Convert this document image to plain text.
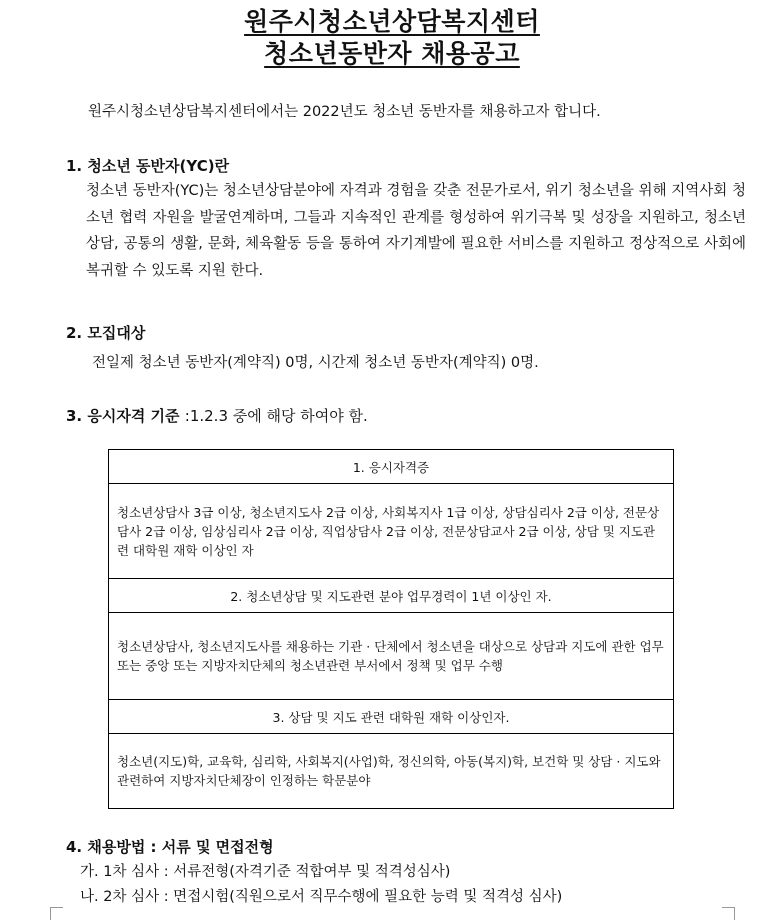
원주시청소년상담복지센터
청소년동반자 채용공고
원주시청소년상담복지센터에서는 2022년도 청소년 동반자를 채용하고자 합니다.
1. 청소년 동반자(YC)란
청소년 동반자(YC)는 청소년상담분야에 자격과 경험을 갖춘 전문가로서, 위기 청소년을 위해 지역사회 청소년 협력 자원을 발굴연계하며, 그들과 지속적인 관계를 형성하여 위기극복 및 성장을 지원하고, 청소년상담, 공통의 생활, 문화, 체육활동 등을 통하여 자기계발에 필요한 서비스를 지원하고 정상적으로 사회에 복귀할 수 있도록 지원 한다.
2. 모집대상
전일제 청소년 동반자(계약직) 0명, 시간제 청소년 동반자(계약직) 0명.
3. 응시자격 기준 :1.2.3 중에 해당 하여야 함.
1. 응시자격증
청소년상담사 3급 이상, 청소년지도사 2급 이상, 사회복지사 1급 이상, 상담심리사 2급 이상, 전문상담사 2급 이상, 임상심리사 2급 이상, 직업상담사 2급 이상, 전문상담교사 2급 이상, 상담 및 지도관련 대학원 재학 이상인 자
2. 청소년상담 및 지도관련 분야 업무경력이 1년 이상인 자.
청소년상담사, 청소년지도사를 채용하는 기관 · 단체에서 청소년을 대상으로 상담과 지도에 관한 업무 또는 중앙 또는 지방자치단체의 청소년관련 부서에서 정책 및 업무 수행
3. 상담 및 지도 관련 대학원 재학 이상인자.
청소년(지도)학, 교육학, 심리학, 사회복지(사업)학, 정신의학, 아동(복지)학, 보건학 및 상담 · 지도와 관련하여 지방자치단체장이 인정하는 학문분야
4. 채용방법 : 서류 및 면접전형
가. 1차 심사 : 서류전형(자격기준 적합여부 및 적격성심사)
나. 2차 심사 : 면접시험(직원으로서 직무수행에 필요한 능력 및 적격성 심사)
